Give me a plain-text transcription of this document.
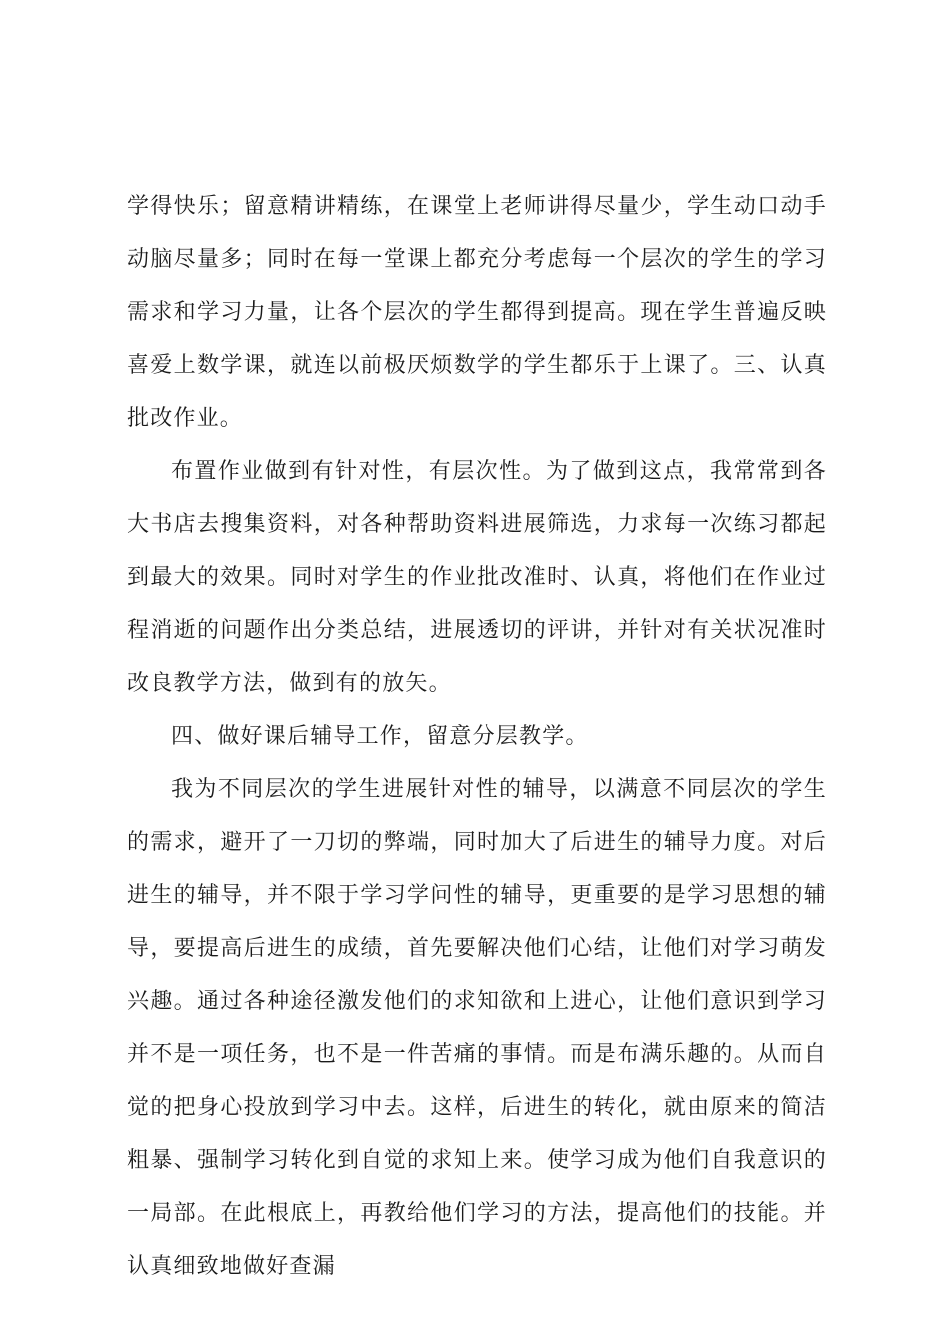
学得快乐；留意精讲精练，在课堂上老师讲得尽量少，学生动口动手动脑尽量多；同时在每一堂课上都充分考虑每一个层次的学生的学习需求和学习力量，让各个层次的学生都得到提高。现在学生普遍反映喜爱上数学课，就连以前极厌烦数学的学生都乐于上课了。三、认真批改作业。

布置作业做到有针对性，有层次性。为了做到这点，我常常到各大书店去搜集资料，对各种帮助资料进展筛选，力求每一次练习都起到最大的效果。同时对学生的作业批改准时、认真，将他们在作业过程消逝的问题作出分类总结，进展透切的评讲，并针对有关状况准时改良教学方法，做到有的放矢。

四、做好课后辅导工作，留意分层教学。

我为不同层次的学生进展针对性的辅导，以满意不同层次的学生的需求，避开了一刀切的弊端，同时加大了后进生的辅导力度。对后进生的辅导，并不限于学习学问性的辅导，更重要的是学习思想的辅导，要提高后进生的成绩，首先要解决他们心结，让他们对学习萌发兴趣。通过各种途径激发他们的求知欲和上进心，让他们意识到学习并不是一项任务，也不是一件苦痛的事情。而是布满乐趣的。从而自觉的把身心投放到学习中去。这样，后进生的转化，就由原来的简洁粗暴、强制学习转化到自觉的求知上来。使学习成为他们自我意识的一局部。在此根底上，再教给他们学习的方法，提高他们的技能。并认真细致地做好查漏
